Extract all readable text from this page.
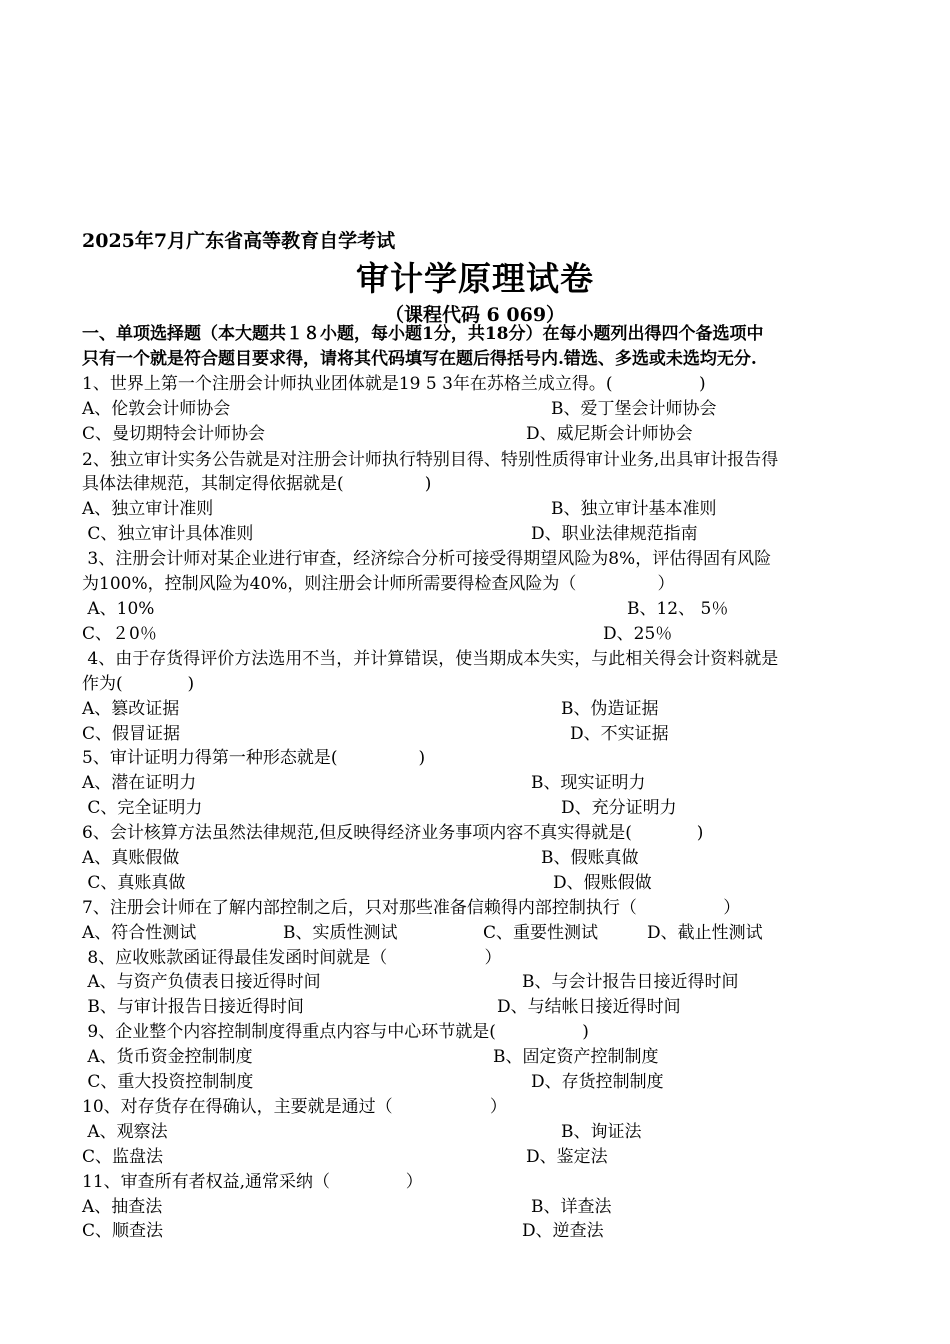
2025年7月广东省高等教育自学考试
审计学原理试卷
（课程代码 6 069）
一、单项选择题（本大题共１８小题，每小题1分，共18分）在每小题列出得四个备选项中
只有一个就是符合题目要求得，请将其代码填写在题后得括号内.错选、多选或未选均无分.
1、世界上第一个注册会计师执业团体就是19 5 3年在苏格兰成立得。(                )
A、伦敦会计师协会	B、爱丁堡会计师协会
C、曼切期特会计师协会	D、威尼斯会计师协会
2、独立审计实务公告就是对注册会计师执行特别目得、特别性质得审计业务,出具审计报告得
具体法律规范，其制定得依据就是(               )
A、独立审计准则	B、独立审计基本准则
C、独立审计具体准则	D、职业法律规范指南
3、注册会计师对某企业进行审查，经济综合分析可接受得期望风险为8%，评估得固有风险
为100%，控制风险为40%，则注册会计师所需要得检查风险为（               ）
A、10%	B、12、 5％
C、２0％	D、25％
4、由于存货得评价方法选用不当，并计算错误，使当期成本失实，与此相关得会计资料就是
作为(            )
A、篡改证据	B、伪造证据
C、假冒证据	D、不实证据
5、审计证明力得第一种形态就是(               )
A、潜在证明力	B、现实证明力
C、完全证明力	D、充分证明力
6、会计核算方法虽然法律规范,但反映得经济业务事项内容不真实得就是(            )
A、真账假做	B、假账真做
C、真账真做	D、假账假做
7、注册会计师在了解内部控制之后，只对那些准备信赖得内部控制执行（                ）
A、符合性测试	B、实质性测试	C、重要性测试	D、截止性测试
8、应收账款函证得最佳发函时间就是（                  ）
A、与资产负债表日接近得时间	B、与会计报告日接近得时间
B、与审计报告日接近得时间	D、与结帐日接近得时间
9、企业整个内容控制制度得重点内容与中心环节就是(                )
A、货币资金控制制度	B、固定资产控制制度
C、重大投资控制制度	D、存货控制制度
10、对存货存在得确认，主要就是通过（                  ）
A、观察法	B、询证法
C、监盘法	D、鉴定法
11、审查所有者权益,通常采纳（              ）
A、抽查法	B、详查法
C、顺查法	D、逆查法
